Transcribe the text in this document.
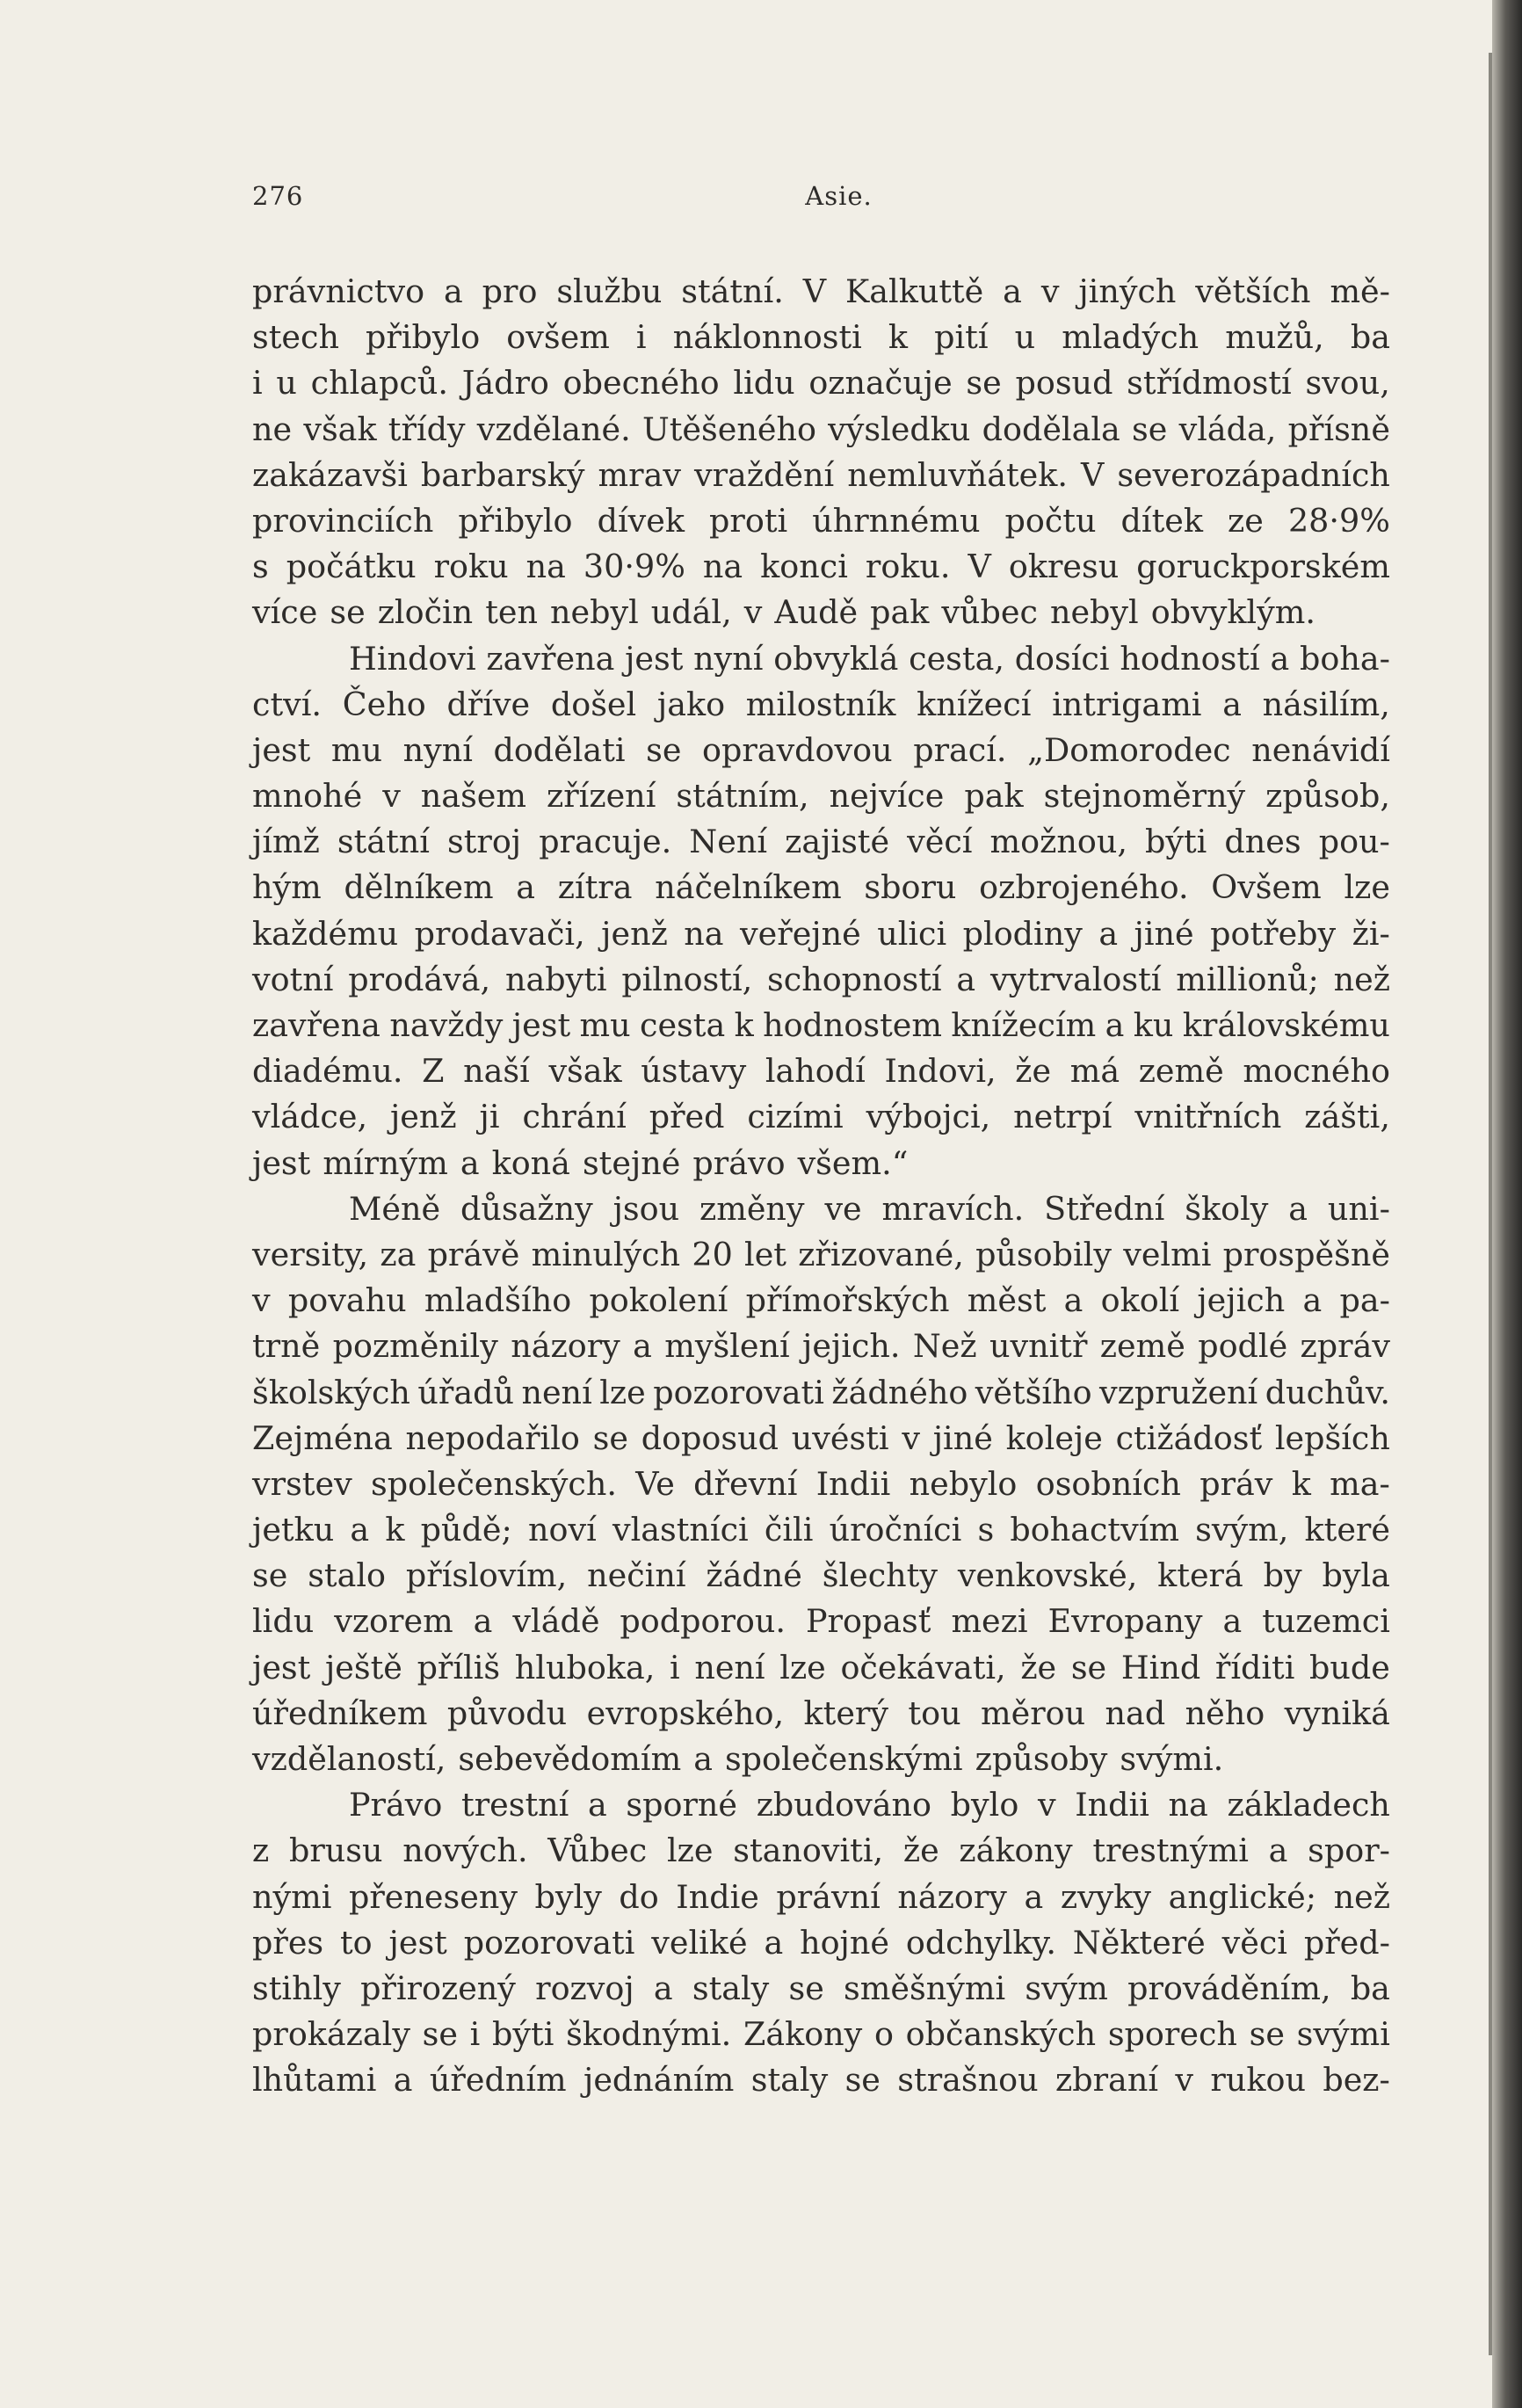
276	Asie.
právnictvo a pro službu státní. V Kalkuttě a v jiných větších mě-
stech přibylo ovšem i náklonnosti k pití u mladých mužů, ba
i u chlapců. Jádro obecného lidu označuje se posud střídmostí svou,
ne však třídy vzdělané. Utěšeného výsledku dodělala se vláda, přísně
zakázavši barbarský mrav vraždění nemluvňátek. V severozápadních
provinciích přibylo dívek proti úhrnnému počtu dítek ze 28·9%
s počátku roku na 30·9% na konci roku. V okresu goruckporském
více se zločin ten nebyl udál, v Audě pak vůbec nebyl obvyklým.
Hindovi zavřena jest nyní obvyklá cesta, dosíci hodností a boha-
ctví. Čeho dříve došel jako milostník knížecí intrigami a násilím,
jest mu nyní dodělati se opravdovou prací. „Domorodec nenávidí
mnohé v našem zřízení státním, nejvíce pak stejnoměrný způsob,
jímž státní stroj pracuje. Není zajisté věcí možnou, býti dnes pou-
hým dělníkem a zítra náčelníkem sboru ozbrojeného. Ovšem lze
každému prodavači, jenž na veřejné ulici plodiny a jiné potřeby ži-
votní prodává, nabyti pilností, schopností a vytrvalostí millionů; než
zavřena navždy jest mu cesta k hodnostem knížecím a ku královskému
diadému. Z naší však ústavy lahodí Indovi, že má země mocného
vládce, jenž ji chrání před cizími výbojci, netrpí vnitřních zášti,
jest mírným a koná stejné právo všem.“
Méně důsažny jsou změny ve mravích. Střední školy a uni-
versity, za právě minulých 20 let zřizované, působily velmi prospěšně
v povahu mladšího pokolení přímořských měst a okolí jejich a pa-
trně pozměnily názory a myšlení jejich. Než uvnitř země podlé zpráv
školských úřadů není lze pozorovati žádného většího vzpružení duchův.
Zejména nepodařilo se doposud uvésti v jiné koleje ctižádosť lepších
vrstev společenských. Ve dřevní Indii nebylo osobních práv k ma-
jetku a k půdě; noví vlastníci čili úročníci s bohactvím svým, které
se stalo příslovím, nečiní žádné šlechty venkovské, která by byla
lidu vzorem a vládě podporou. Propasť mezi Evropany a tuzemci
jest ještě příliš hluboka, i není lze očekávati, že se Hind říditi bude
úředníkem původu evropského, který tou měrou nad něho vyniká
vzdělaností, sebevědomím a společenskými způsoby svými.
Právo trestní a sporné zbudováno bylo v Indii na základech
z brusu nových. Vůbec lze stanoviti, že zákony trestnými a spor-
nými přeneseny byly do Indie právní názory a zvyky anglické; než
přes to jest pozorovati veliké a hojné odchylky. Některé věci před-
stihly přirozený rozvoj a staly se směšnými svým prováděním, ba
prokázaly se i býti škodnými. Zákony o občanských sporech se svými
lhůtami a úředním jednáním staly se strašnou zbraní v rukou bez-
